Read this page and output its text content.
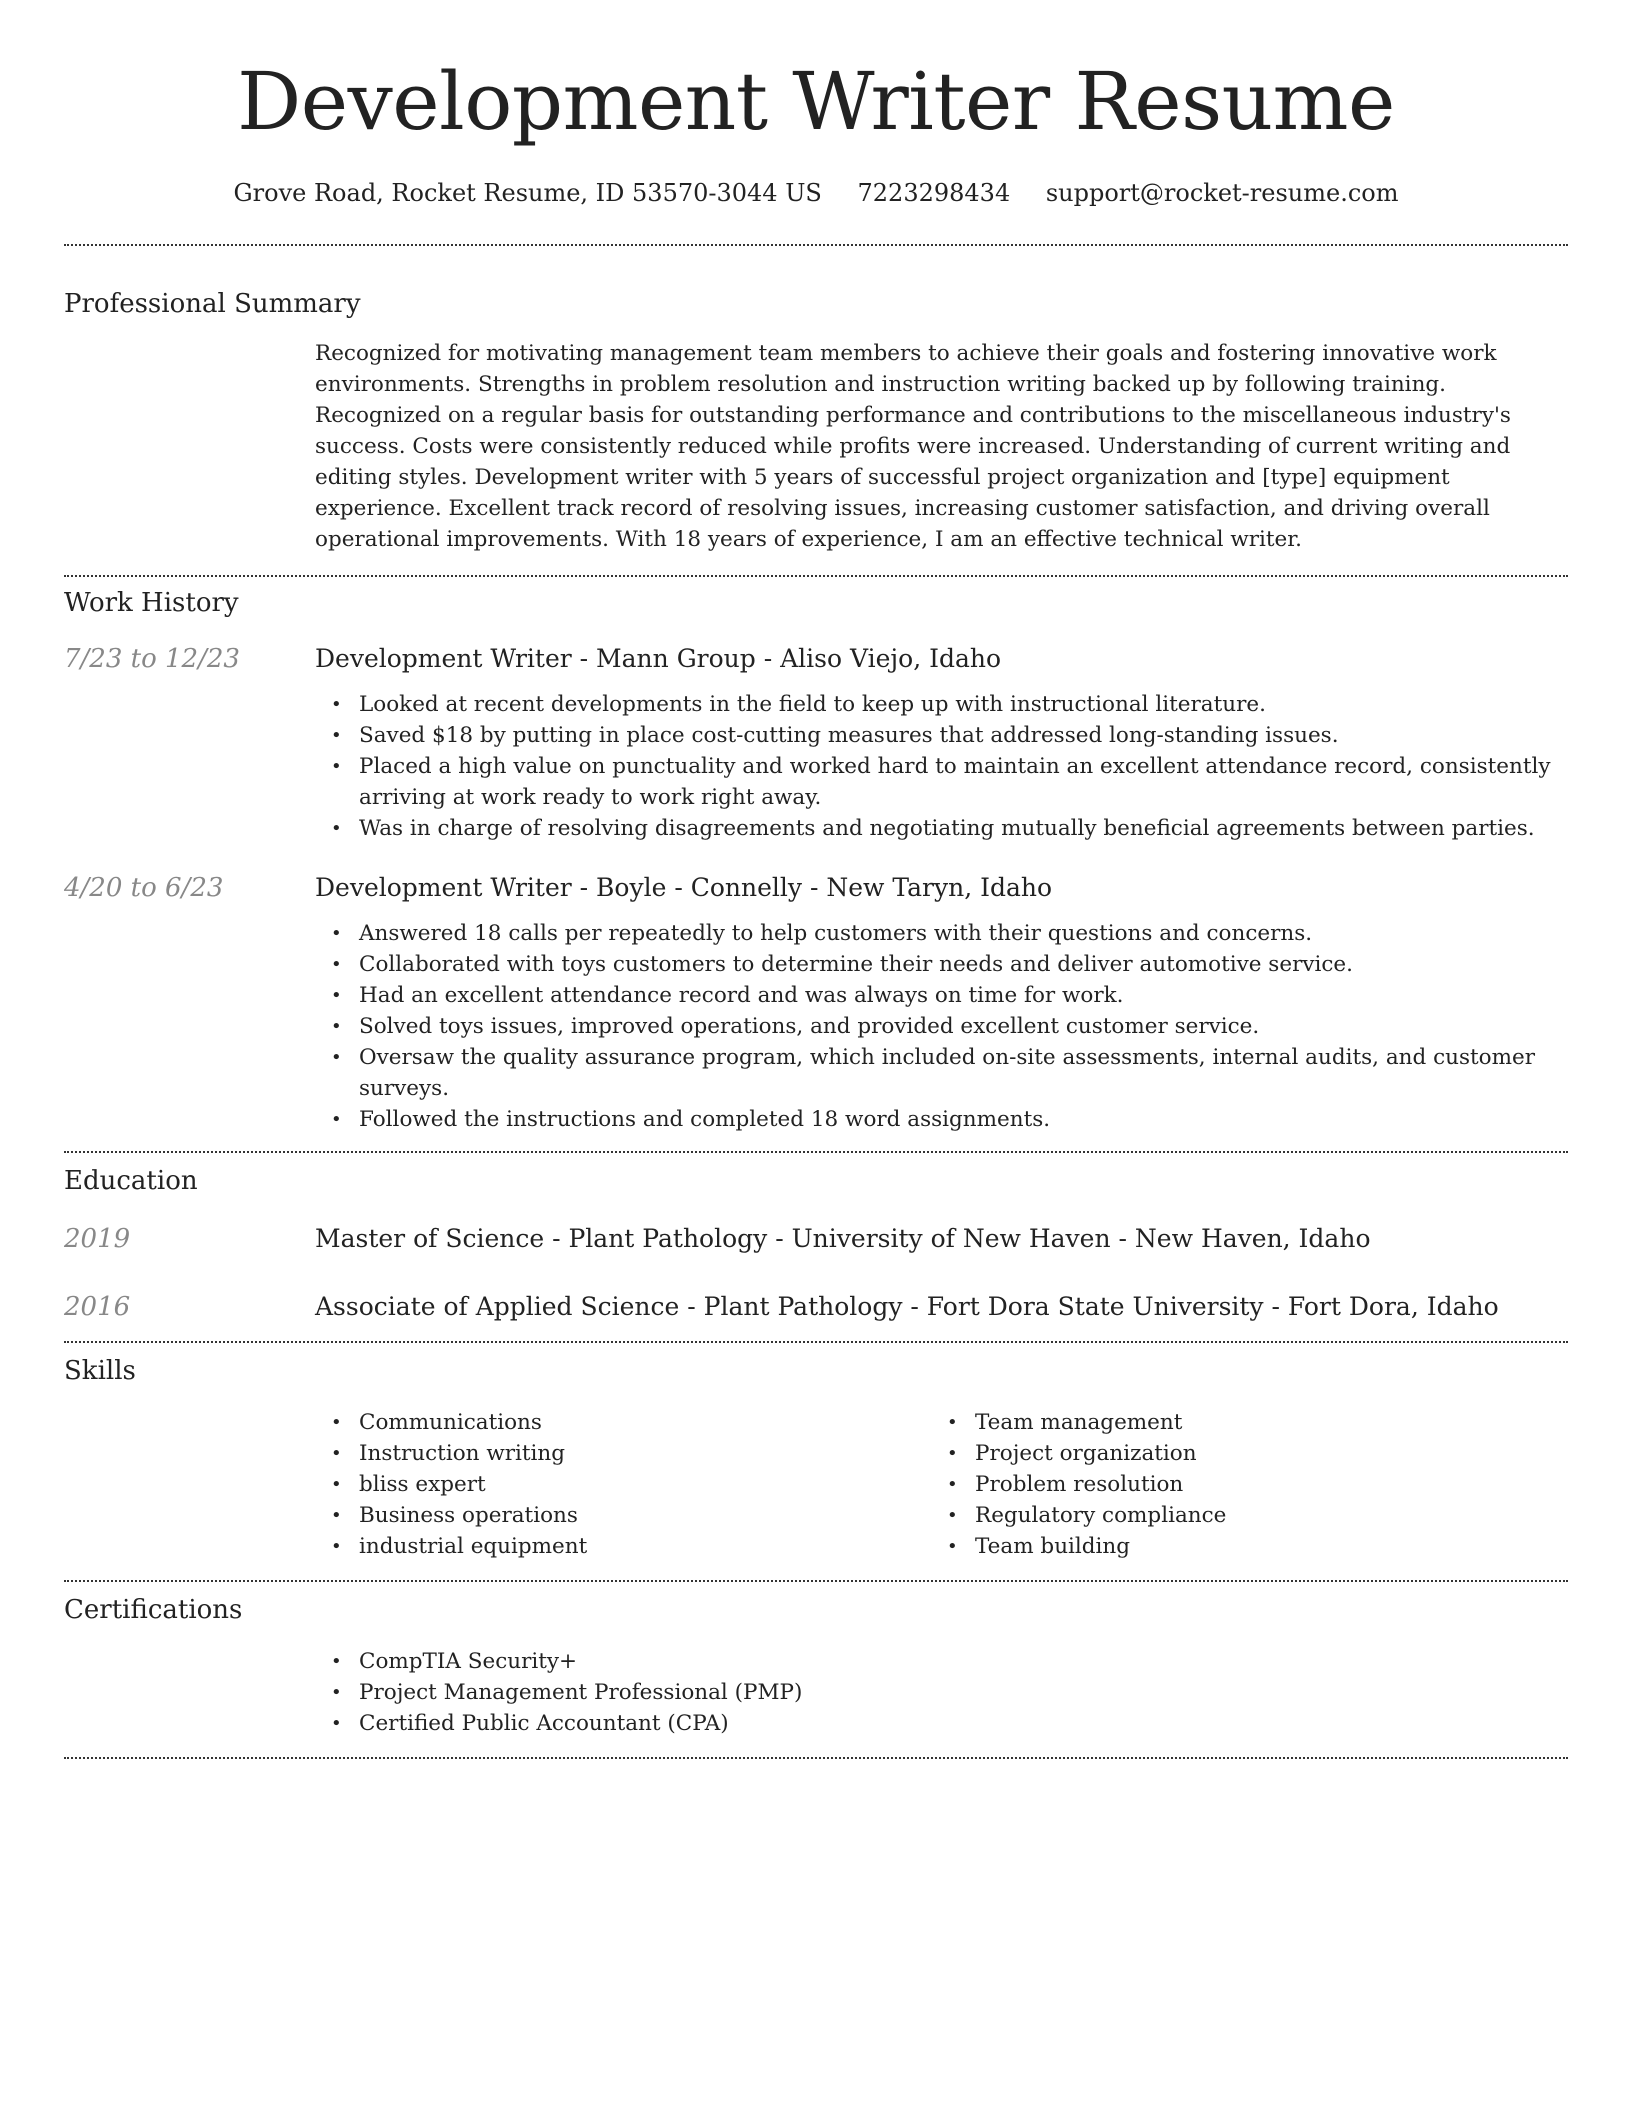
Development Writer Resume
Grove Road, Rocket Resume, ID 53570-3044 US 7223298434 support@rocket-resume.com
Professional Summary
Recognized for motivating management team members to achieve their goals and fostering innovative work environments. Strengths in problem resolution and instruction writing backed up by following training. Recognized on a regular basis for outstanding performance and contributions to the miscellaneous industry's success. Costs were consistently reduced while profits were increased. Understanding of current writing and editing styles. Development writer with 5 years of successful project organization and [type] equipment experience. Excellent track record of resolving issues, increasing customer satisfaction, and driving overall operational improvements. With 18 years of experience, I am an effective technical writer.
Work History
7/23 to 12/23	Development Writer - Mann Group - Aliso Viejo, Idaho
• Looked at recent developments in the field to keep up with instructional literature.
• Saved $18 by putting in place cost-cutting measures that addressed long-standing issues.
• Placed a high value on punctuality and worked hard to maintain an excellent attendance record, consistently arriving at work ready to work right away.
• Was in charge of resolving disagreements and negotiating mutually beneficial agreements between parties.
4/20 to 6/23	Development Writer - Boyle - Connelly - New Taryn, Idaho
• Answered 18 calls per repeatedly to help customers with their questions and concerns.
• Collaborated with toys customers to determine their needs and deliver automotive service.
• Had an excellent attendance record and was always on time for work.
• Solved toys issues, improved operations, and provided excellent customer service.
• Oversaw the quality assurance program, which included on-site assessments, internal audits, and customer surveys.
• Followed the instructions and completed 18 word assignments.
Education
2019	Master of Science - Plant Pathology - University of New Haven - New Haven, Idaho
2016	Associate of Applied Science - Plant Pathology - Fort Dora State University - Fort Dora, Idaho
Skills
• Communications
• Instruction writing
• bliss expert
• Business operations
• industrial equipment
• Team management
• Project organization
• Problem resolution
• Regulatory compliance
• Team building
Certifications
• CompTIA Security+
• Project Management Professional (PMP)
• Certified Public Accountant (CPA)
